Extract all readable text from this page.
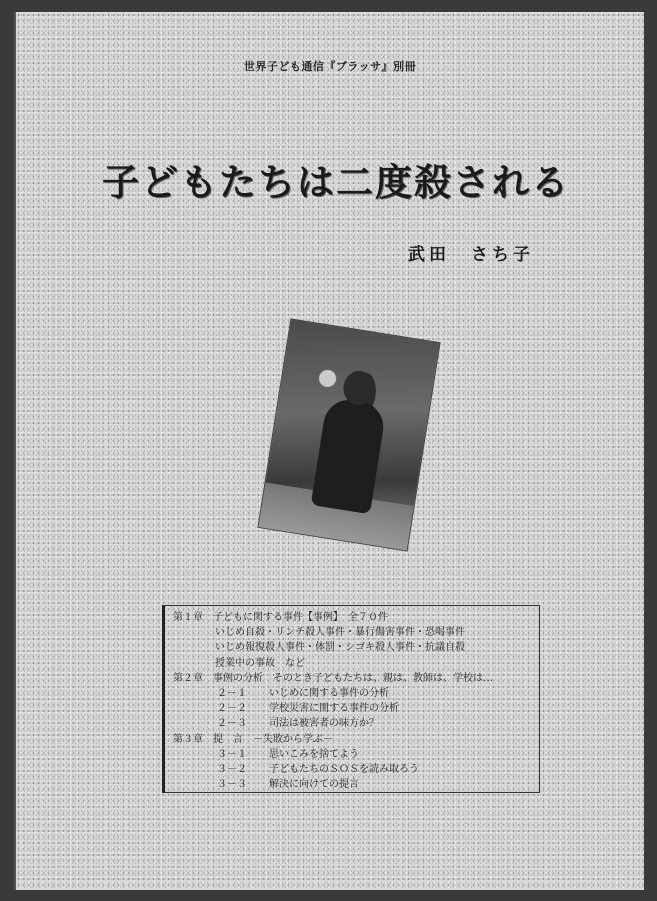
世界子ども通信『ブラッサ』別冊
子どもたちは二度殺される
武田　さち子
第１章 子どもに関する事件【事例】　全７０件
いじめ自殺・リンチ殺人事件・暴行傷害事件・恐喝事件
いじめ報復殺人事件・体罰・シゴキ殺人事件・抗議自殺
授業中の事故　など
第２章 事例の分析　そのとき子どもたちは、親は、教師は、学校は…
２－１ いじめに関する事件の分析
２－２ 学校災害に関する事件の分析
２－３ 司法は被害者の味方か？
第３章 提　言　－失敗から学ぶ－
３－１ 思いこみを捨てよう
３－２ 子どもたちのＳＯＳを読み取ろう
３－３ 解決に向けての提言
